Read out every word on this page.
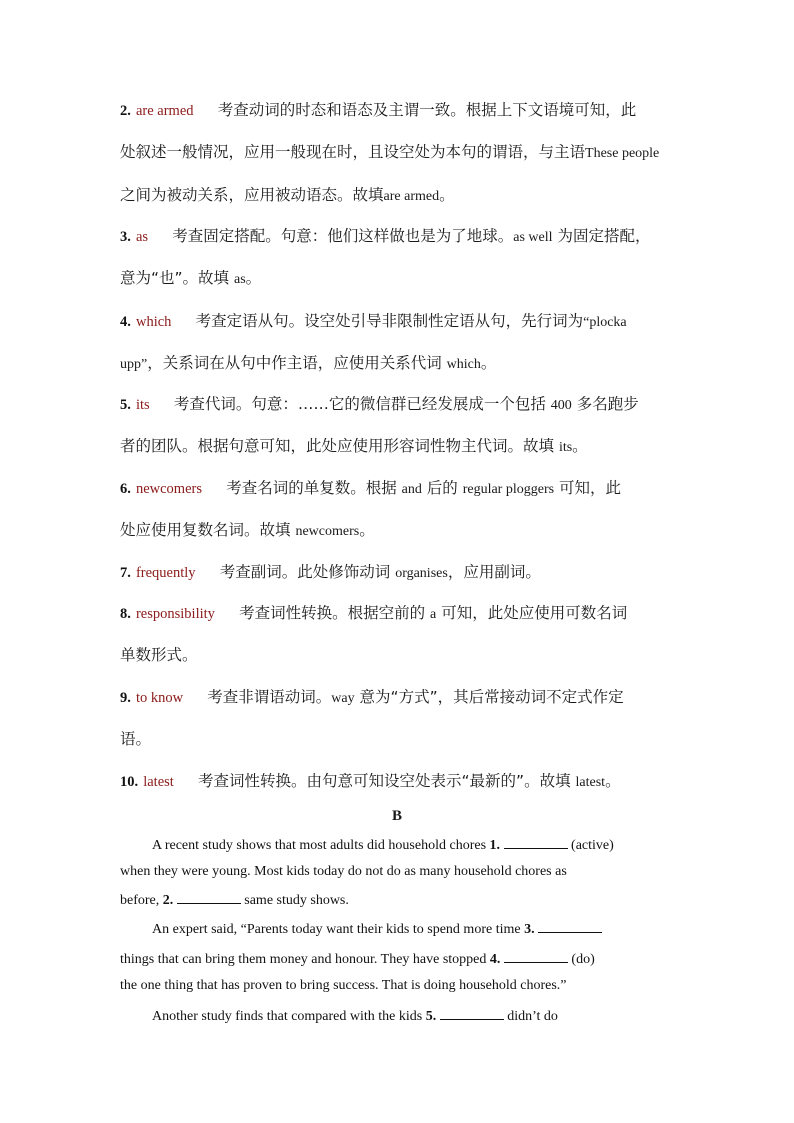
2. are armed 考查动词的时态和语态及主谓一致。根据上下文语境可知，此
处叙述一般情况，应用一般现在时，且设空处为本句的谓语，与主语These people
之间为被动关系，应用被动语态。故填are armed。
3. as 考查固定搭配。句意：他们这样做也是为了地球。as well 为固定搭配，
意为“也”。故填 as。
4. which 考查定语从句。设空处引导非限制性定语从句，先行词为“plocka
upp”，关系词在从句中作主语，应使用关系代词 which。
5. its 考查代词。句意：……它的微信群已经发展成一个包括 400 多名跑步
者的团队。根据句意可知，此处应使用形容词性物主代词。故填 its。
6. newcomers 考查名词的单复数。根据 and 后的 regular ploggers 可知，此
处应使用复数名词。故填 newcomers。
7. frequently 考查副词。此处修饰动词 organises，应用副词。
8. responsibility 考查词性转换。根据空前的 a 可知，此处应使用可数名词
单数形式。
9. to know 考查非谓语动词。way 意为“方式”，其后常接动词不定式作定
语。
10. latest 考查词性转换。由句意可知设空处表示“最新的”。故填 latest。
B
A recent study shows that most adults did household chores 1.	(active)
when they were young. Most kids today do not do as many household chores as
before, 2.	same study shows.
An expert said, “Parents today want their kids to spend more time 3.
things that can bring them money and honour. They have stopped 4.	(do)
the one thing that has proven to bring success. That is doing household chores.”
Another study finds that compared with the kids 5.	didn’t do
